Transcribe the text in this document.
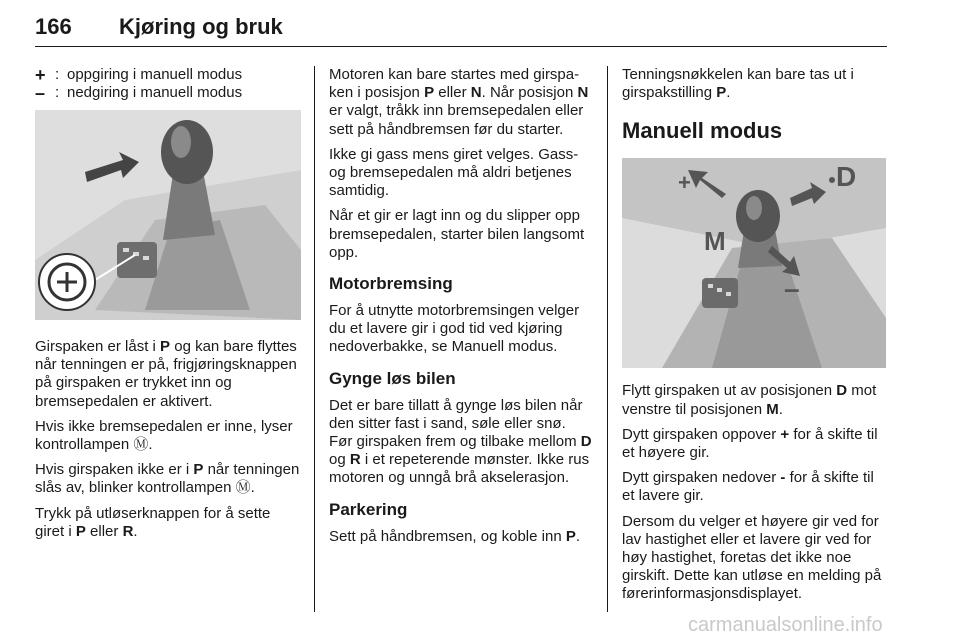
166 Kjøring og bruk
+ : oppgiring i manuell modus
– : nedgiring i manuell modus

Girspaken er låst i P og kan bare flyttes når tenningen er på, frigjøringsknappen på girspaken er trykket inn og bremsepedalen er aktivert.

Hvis ikke bremsepedalen er inne, lyser kontrollampen Ⓜ.

Hvis girspaken ikke er i P når tenningen slås av, blinker kontrollampen Ⓜ.

Trykk på utløserknappen for å sette giret i P eller R.

Motoren kan bare startes med girspaken i posisjon P eller N. Når posisjon N er valgt, tråkk inn bremsepedalen eller sett på håndbremsen før du starter.

Ikke gi gass mens giret velges. Gass- og bremsepedalen må aldri betjenes samtidig.

Når et gir er lagt inn og du slipper opp bremsepedalen, starter bilen langsomt opp.

Motorbremsing

For å utnytte motorbremsingen velger du et lavere gir i god tid ved kjøring nedoverbakke, se Manuell modus.

Gynge løs bilen

Det er bare tillatt å gynge løs bilen når den sitter fast i sand, søle eller snø. Før girspaken frem og tilbake mellom D og R i et repeterende mønster. Ikke rus motoren og unngå brå akselerasjon.

Parkering

Sett på håndbremsen, og koble inn P.

Tenningsnøkkelen kan bare tas ut i girspakstilling P.

Manuell modus
+	D
M
–

Flytt girspaken ut av posisjonen D mot venstre til posisjonen M.

Dytt girspaken oppover + for å skifte til et høyere gir.

Dytt girspaken nedover - for å skifte til et lavere gir.

Dersom du velger et høyere gir ved for lav hastighet eller et lavere gir ved for høy hastighet, foretas det ikke noe girskift. Dette kan utløse en melding på førerinformasjonsdisplayet.

carmanualsonline.info
